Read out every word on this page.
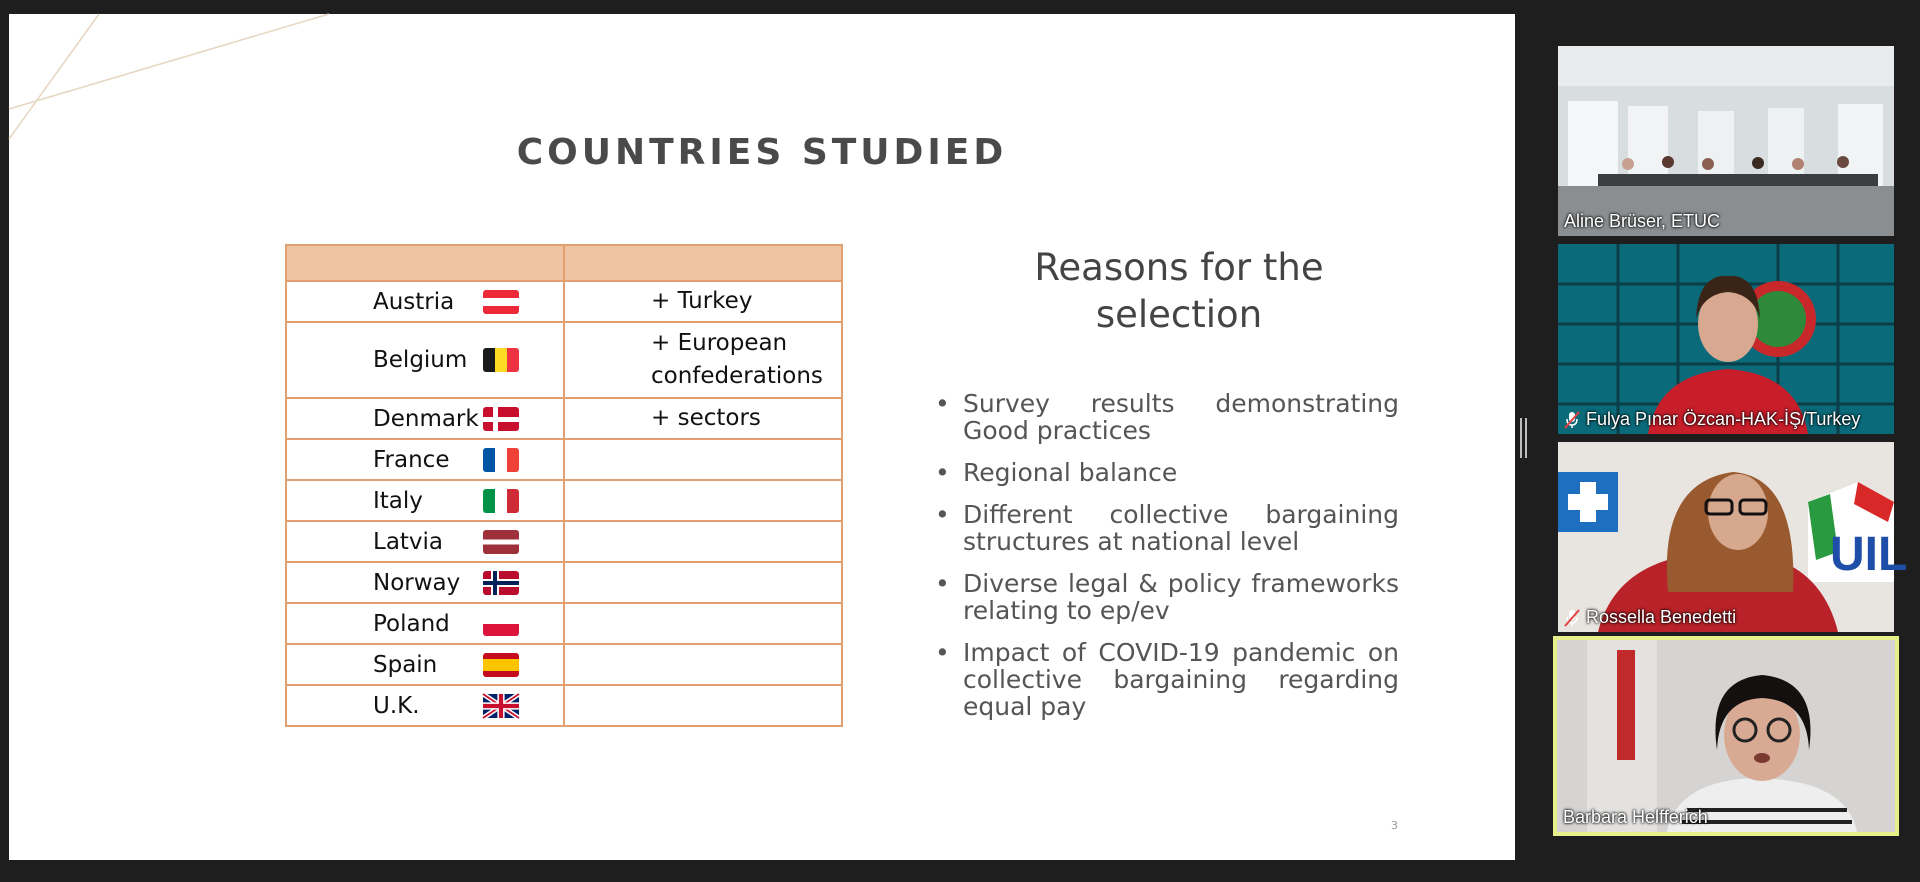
COUNTRIES STUDIED

Austria	+ Turkey

Belgium	+ European confederations

Denmark	+ sectors

France	

Italy	

Latvia	

Norway

Poland	

Spain	

U.K.

Reasons for the
selection
• Survey results demonstrating Good practices
• Regional balance
• Different collective bargaining structures at national level
• Diverse legal & policy frameworks relating to ep/ev
• Impact of COVID-19 pandemic on collective bargaining regarding equal pay
3
Aline Brüser, ETUC
Fulya Pınar Özcan-HAK-İŞ/Turkey
UIL
Rossella Benedetti
Barbara Helfferich
